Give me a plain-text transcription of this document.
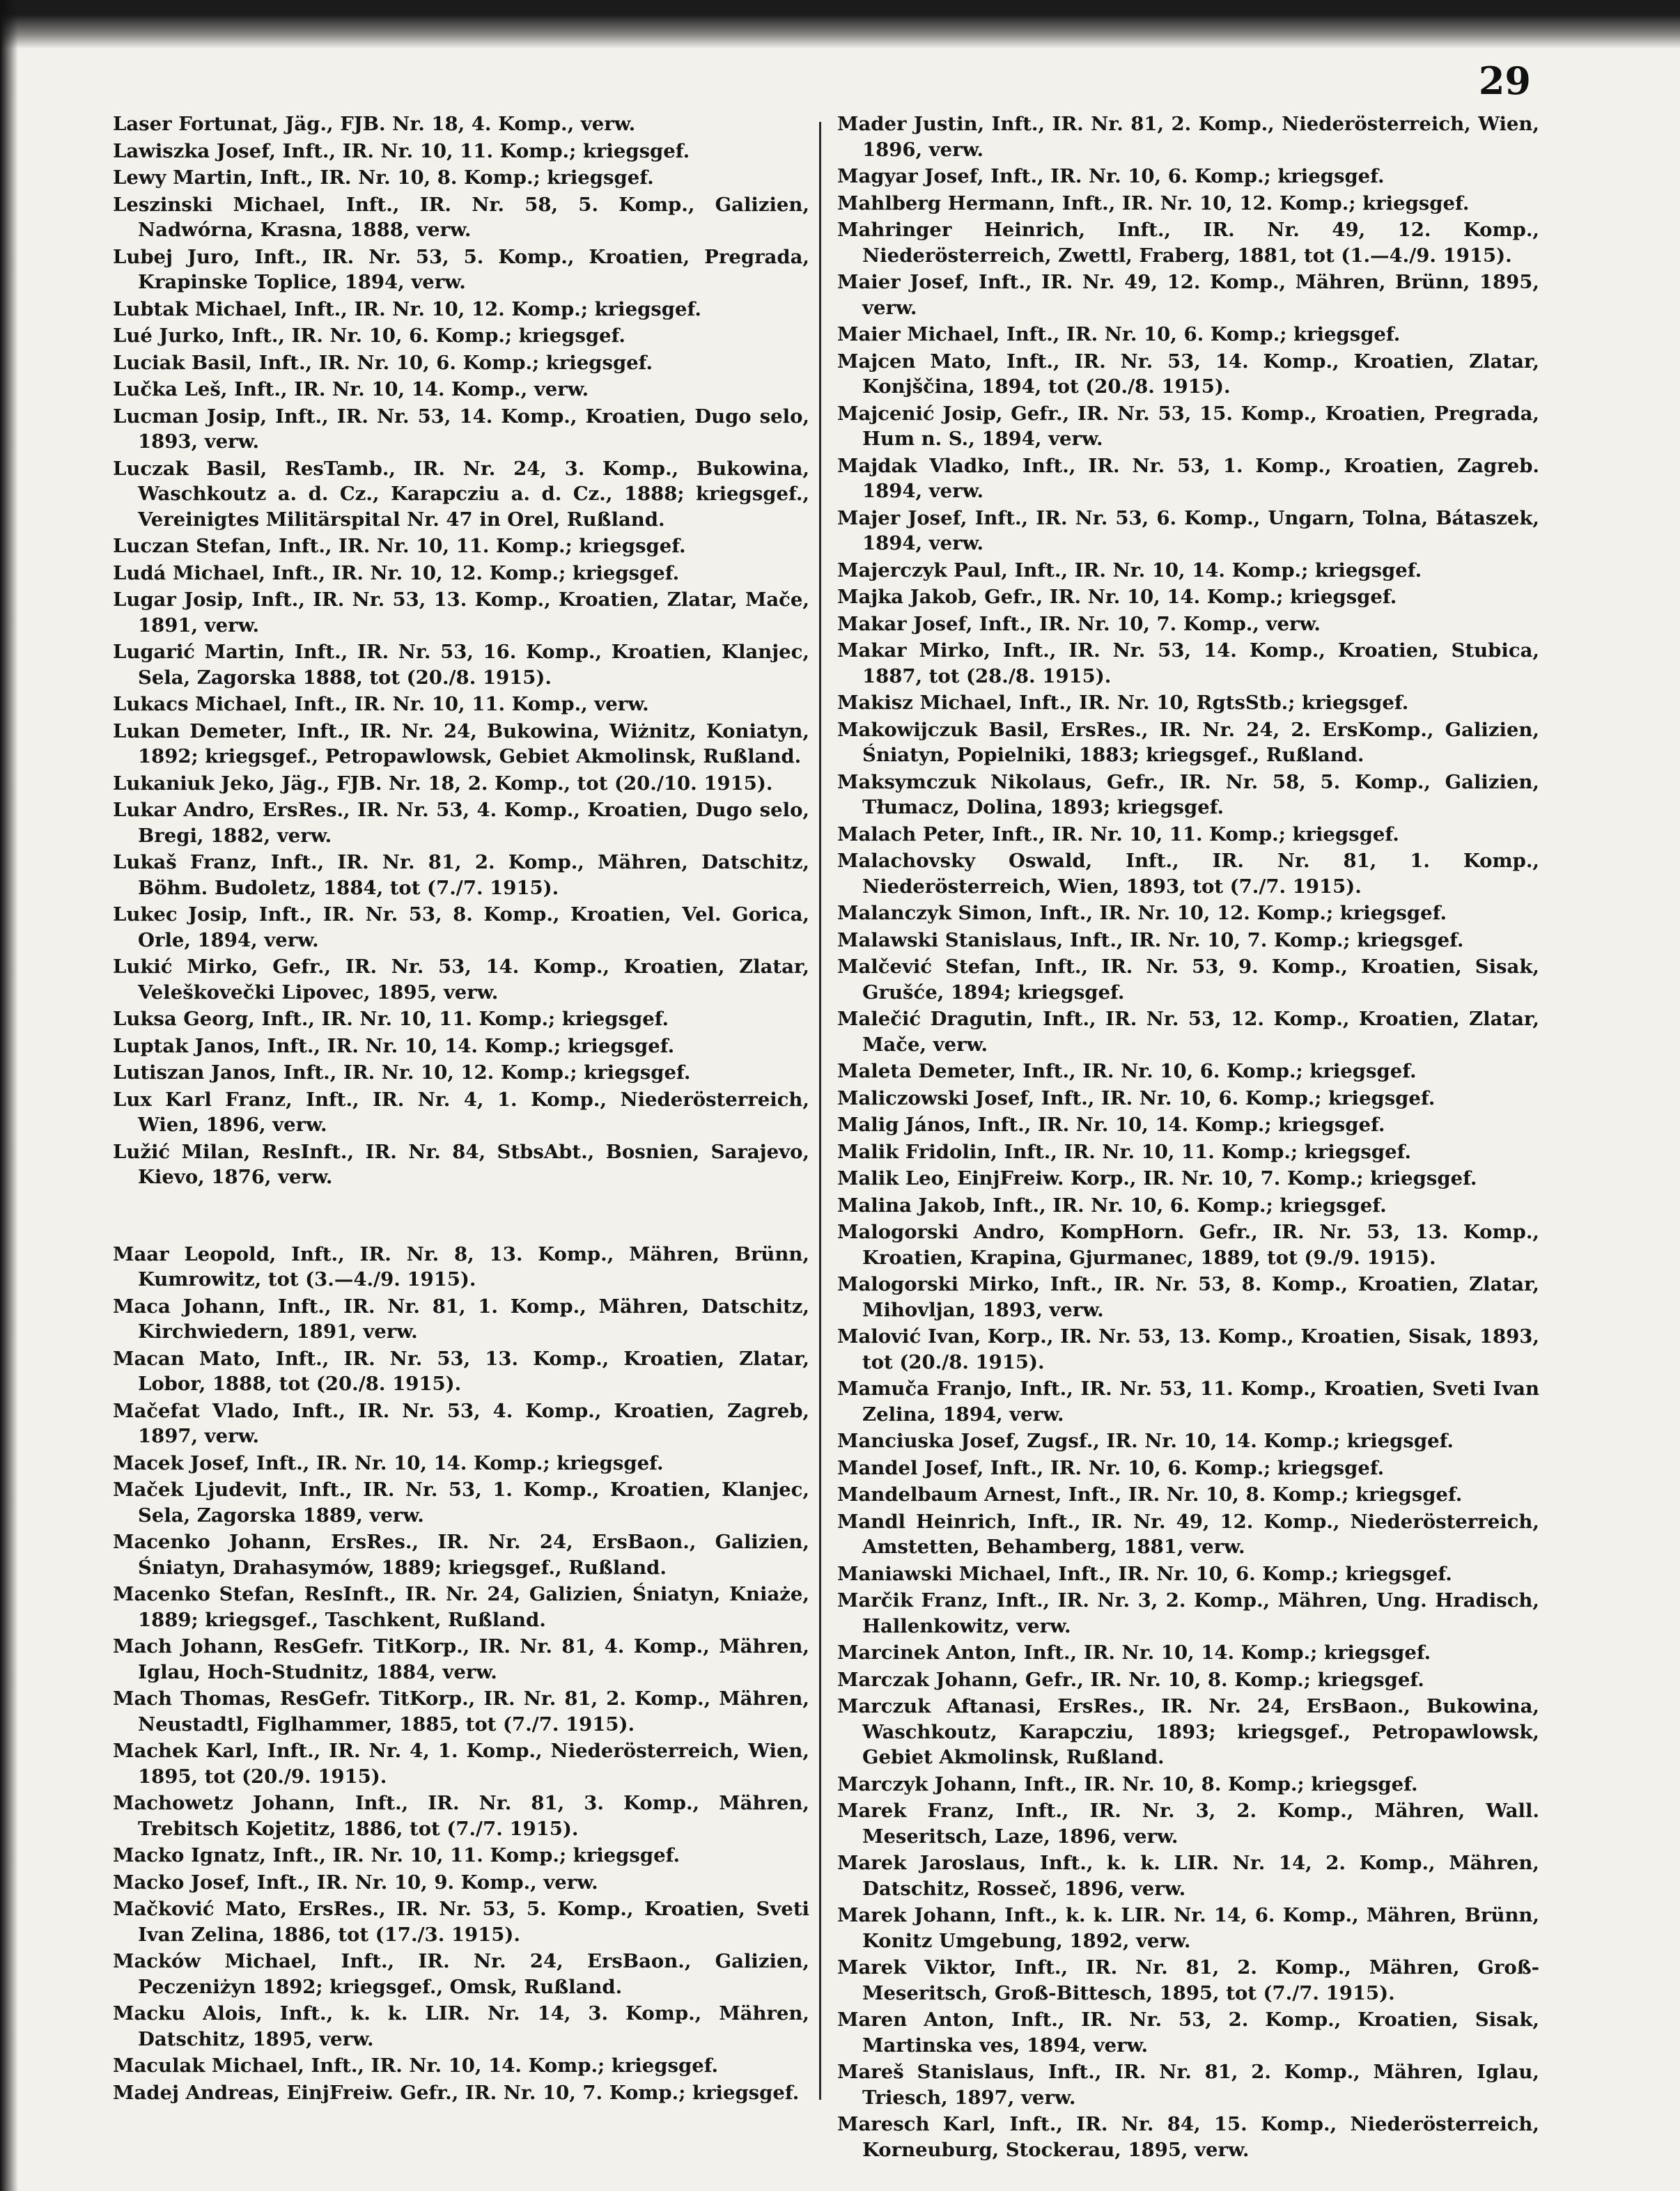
29

Laser Fortunat, Jäg., FJB. Nr. 18, 4. Komp., verw.

Lawiszka Josef, Inft., IR. Nr. 10, 11. Komp.; kriegsgef.

Lewy Martin, Inft., IR. Nr. 10, 8. Komp.; kriegsgef.

Leszinski Michael, Inft., IR. Nr. 58, 5. Komp., Galizien, Nadwórna, Krasna, 1888, verw.

Lubej Juro, Inft., IR. Nr. 53, 5. Komp., Kroatien, Pregrada, Krapinske Toplice, 1894, verw.

Lubtak Michael, Inft., IR. Nr. 10, 12. Komp.; kriegsgef.

Lué Jurko, Inft., IR. Nr. 10, 6. Komp.; kriegsgef.

Luciak Basil, Inft., IR. Nr. 10, 6. Komp.; kriegsgef.

Lučka Leš, Inft., IR. Nr. 10, 14. Komp., verw.

Lucman Josip, Inft., IR. Nr. 53, 14. Komp., Kroatien, Dugo selo, 1893, verw.

Luczak Basil, ResTamb., IR. Nr. 24, 3. Komp., Bukowina, Waschkoutz a. d. Cz., Karapcziu a. d. Cz., 1888; kriegsgef., Vereinigtes Militärspital Nr. 47 in Orel, Rußland.

Luczan Stefan, Inft., IR. Nr. 10, 11. Komp.; kriegsgef.

Ludá Michael, Inft., IR. Nr. 10, 12. Komp.; kriegsgef.

Lugar Josip, Inft., IR. Nr. 53, 13. Komp., Kroatien, Zlatar, Mače, 1891, verw.

Lugarić Martin, Inft., IR. Nr. 53, 16. Komp., Kroatien, Klanjec, Sela, Zagorska 1888, tot (20./8. 1915).

Lukacs Michael, Inft., IR. Nr. 10, 11. Komp., verw.

Lukan Demeter, Inft., IR. Nr. 24, Bukowina, Wiżnitz, Koniatyn, 1892; kriegsgef., Petropawlowsk, Gebiet Akmolinsk, Rußland.

Lukaniuk Jeko, Jäg., FJB. Nr. 18, 2. Komp., tot (20./10. 1915).

Lukar Andro, ErsRes., IR. Nr. 53, 4. Komp., Kroatien, Dugo selo, Bregi, 1882, verw.

Lukaš Franz, Inft., IR. Nr. 81, 2. Komp., Mähren, Datschitz, Böhm. Budoletz, 1884, tot (7./7. 1915).

Lukec Josip, Inft., IR. Nr. 53, 8. Komp., Kroatien, Vel. Gorica, Orle, 1894, verw.

Lukić Mirko, Gefr., IR. Nr. 53, 14. Komp., Kroatien, Zlatar, Veleškovečki Lipovec, 1895, verw.

Luksa Georg, Inft., IR. Nr. 10, 11. Komp.; kriegsgef.

Luptak Janos, Inft., IR. Nr. 10, 14. Komp.; kriegsgef.

Lutiszan Janos, Inft., IR. Nr. 10, 12. Komp.; kriegsgef.

Lux Karl Franz, Inft., IR. Nr. 4, 1. Komp., Niederösterreich, Wien, 1896, verw.

Lužić Milan, ResInft., IR. Nr. 84, StbsAbt., Bosnien, Sarajevo, Kievo, 1876, verw.

Maar Leopold, Inft., IR. Nr. 8, 13. Komp., Mähren, Brünn, Kumrowitz, tot (3.—4./9. 1915).

Maca Johann, Inft., IR. Nr. 81, 1. Komp., Mähren, Datschitz, Kirchwiedern, 1891, verw.

Macan Mato, Inft., IR. Nr. 53, 13. Komp., Kroatien, Zlatar, Lobor, 1888, tot (20./8. 1915).

Mačefat Vlado, Inft., IR. Nr. 53, 4. Komp., Kroatien, Zagreb, 1897, verw.

Macek Josef, Inft., IR. Nr. 10, 14. Komp.; kriegsgef.

Maček Ljudevit, Inft., IR. Nr. 53, 1. Komp., Kroatien, Klanjec, Sela, Zagorska 1889, verw.

Macenko Johann, ErsRes., IR. Nr. 24, ErsBaon., Galizien, Śniatyn, Drahasymów, 1889; kriegsgef., Rußland.

Macenko Stefan, ResInft., IR. Nr. 24, Galizien, Śniatyn, Kniaże, 1889; kriegsgef., Taschkent, Rußland.

Mach Johann, ResGefr. TitKorp., IR. Nr. 81, 4. Komp., Mähren, Iglau, Hoch-Studnitz, 1884, verw.

Mach Thomas, ResGefr. TitKorp., IR. Nr. 81, 2. Komp., Mähren, Neustadtl, Figlhammer, 1885, tot (7./7. 1915).

Machek Karl, Inft., IR. Nr. 4, 1. Komp., Niederösterreich, Wien, 1895, tot (20./9. 1915).

Machowetz Johann, Inft., IR. Nr. 81, 3. Komp., Mähren, Trebitsch Kojetitz, 1886, tot (7./7. 1915).

Macko Ignatz, Inft., IR. Nr. 10, 11. Komp.; kriegsgef.

Macko Josef, Inft., IR. Nr. 10, 9. Komp., verw.

Mačković Mato, ErsRes., IR. Nr. 53, 5. Komp., Kroatien, Sveti Ivan Zelina, 1886, tot (17./3. 1915).

Macków Michael, Inft., IR. Nr. 24, ErsBaon., Galizien, Peczeniżyn 1892; kriegsgef., Omsk, Rußland.

Macku Alois, Inft., k. k. LIR. Nr. 14, 3. Komp., Mähren, Datschitz, 1895, verw.

Maculak Michael, Inft., IR. Nr. 10, 14. Komp.; kriegsgef.

Madej Andreas, EinjFreiw. Gefr., IR. Nr. 10, 7. Komp.; kriegsgef.

Mader Justin, Inft., IR. Nr. 81, 2. Komp., Niederösterreich, Wien, 1896, verw.

Magyar Josef, Inft., IR. Nr. 10, 6. Komp.; kriegsgef.

Mahlberg Hermann, Inft., IR. Nr. 10, 12. Komp.; kriegsgef.

Mahringer Heinrich, Inft., IR. Nr. 49, 12. Komp., Niederösterreich, Zwettl, Fraberg, 1881, tot (1.—4./9. 1915).

Maier Josef, Inft., IR. Nr. 49, 12. Komp., Mähren, Brünn, 1895, verw.

Maier Michael, Inft., IR. Nr. 10, 6. Komp.; kriegsgef.

Majcen Mato, Inft., IR. Nr. 53, 14. Komp., Kroatien, Zlatar, Konjščina, 1894, tot (20./8. 1915).

Majcenić Josip, Gefr., IR. Nr. 53, 15. Komp., Kroatien, Pregrada, Hum n. S., 1894, verw.

Majdak Vladko, Inft., IR. Nr. 53, 1. Komp., Kroatien, Zagreb. 1894, verw.

Majer Josef, Inft., IR. Nr. 53, 6. Komp., Ungarn, Tolna, Bátaszek, 1894, verw.

Majerczyk Paul, Inft., IR. Nr. 10, 14. Komp.; kriegsgef.

Majka Jakob, Gefr., IR. Nr. 10, 14. Komp.; kriegsgef.

Makar Josef, Inft., IR. Nr. 10, 7. Komp., verw.

Makar Mirko, Inft., IR. Nr. 53, 14. Komp., Kroatien, Stubica, 1887, tot (28./8. 1915).

Makisz Michael, Inft., IR. Nr. 10, RgtsStb.; kriegsgef.

Makowijczuk Basil, ErsRes., IR. Nr. 24, 2. ErsKomp., Galizien, Śniatyn, Popielniki, 1883; kriegsgef., Rußland.

Maksymczuk Nikolaus, Gefr., IR. Nr. 58, 5. Komp., Galizien, Tłumacz, Dolina, 1893; kriegsgef.

Malach Peter, Inft., IR. Nr. 10, 11. Komp.; kriegsgef.

Malachovsky Oswald, Inft., IR. Nr. 81, 1. Komp., Niederösterreich, Wien, 1893, tot (7./7. 1915).

Malanczyk Simon, Inft., IR. Nr. 10, 12. Komp.; kriegsgef.

Malawski Stanislaus, Inft., IR. Nr. 10, 7. Komp.; kriegsgef.

Malčević Stefan, Inft., IR. Nr. 53, 9. Komp., Kroatien, Sisak, Grušće, 1894; kriegsgef.

Malečić Dragutin, Inft., IR. Nr. 53, 12. Komp., Kroatien, Zlatar, Mače, verw.

Maleta Demeter, Inft., IR. Nr. 10, 6. Komp.; kriegsgef.

Maliczowski Josef, Inft., IR. Nr. 10, 6. Komp.; kriegsgef.

Malig János, Inft., IR. Nr. 10, 14. Komp.; kriegsgef.

Malik Fridolin, Inft., IR. Nr. 10, 11. Komp.; kriegsgef.

Malik Leo, EinjFreiw. Korp., IR. Nr. 10, 7. Komp.; kriegsgef.

Malina Jakob, Inft., IR. Nr. 10, 6. Komp.; kriegsgef.

Malogorski Andro, KompHorn. Gefr., IR. Nr. 53, 13. Komp., Kroatien, Krapina, Gjurmanec, 1889, tot (9./9. 1915).

Malogorski Mirko, Inft., IR. Nr. 53, 8. Komp., Kroatien, Zlatar, Mihovljan, 1893, verw.

Malović Ivan, Korp., IR. Nr. 53, 13. Komp., Kroatien, Sisak, 1893, tot (20./8. 1915).

Mamuča Franjo, Inft., IR. Nr. 53, 11. Komp., Kroatien, Sveti Ivan Zelina, 1894, verw.

Manciuska Josef, Zugsf., IR. Nr. 10, 14. Komp.; kriegsgef.

Mandel Josef, Inft., IR. Nr. 10, 6. Komp.; kriegsgef.

Mandelbaum Arnest, Inft., IR. Nr. 10, 8. Komp.; kriegsgef.

Mandl Heinrich, Inft., IR. Nr. 49, 12. Komp., Niederösterreich, Amstetten, Behamberg, 1881, verw.

Maniawski Michael, Inft., IR. Nr. 10, 6. Komp.; kriegsgef.

Marčik Franz, Inft., IR. Nr. 3, 2. Komp., Mähren, Ung. Hradisch, Hallenkowitz, verw.

Marcinek Anton, Inft., IR. Nr. 10, 14. Komp.; kriegsgef.

Marczak Johann, Gefr., IR. Nr. 10, 8. Komp.; kriegsgef.

Marczuk Aftanasi, ErsRes., IR. Nr. 24, ErsBaon., Bukowina, Waschkoutz, Karapcziu, 1893; kriegsgef., Petropawlowsk, Gebiet Akmolinsk, Rußland.

Marczyk Johann, Inft., IR. Nr. 10, 8. Komp.; kriegsgef.

Marek Franz, Inft., IR. Nr. 3, 2. Komp., Mähren, Wall. Meseritsch, Laze, 1896, verw.

Marek Jaroslaus, Inft., k. k. LIR. Nr. 14, 2. Komp., Mähren, Datschitz, Rosseč, 1896, verw.

Marek Johann, Inft., k. k. LIR. Nr. 14, 6. Komp., Mähren, Brünn, Konitz Umgebung, 1892, verw.

Marek Viktor, Inft., IR. Nr. 81, 2. Komp., Mähren, Groß-Meseritsch, Groß-Bittesch, 1895, tot (7./7. 1915).

Maren Anton, Inft., IR. Nr. 53, 2. Komp., Kroatien, Sisak, Martinska ves, 1894, verw.

Mareš Stanislaus, Inft., IR. Nr. 81, 2. Komp., Mähren, Iglau, Triesch, 1897, verw.

Maresch Karl, Inft., IR. Nr. 84, 15. Komp., Niederösterreich, Korneuburg, Stockerau, 1895, verw.
